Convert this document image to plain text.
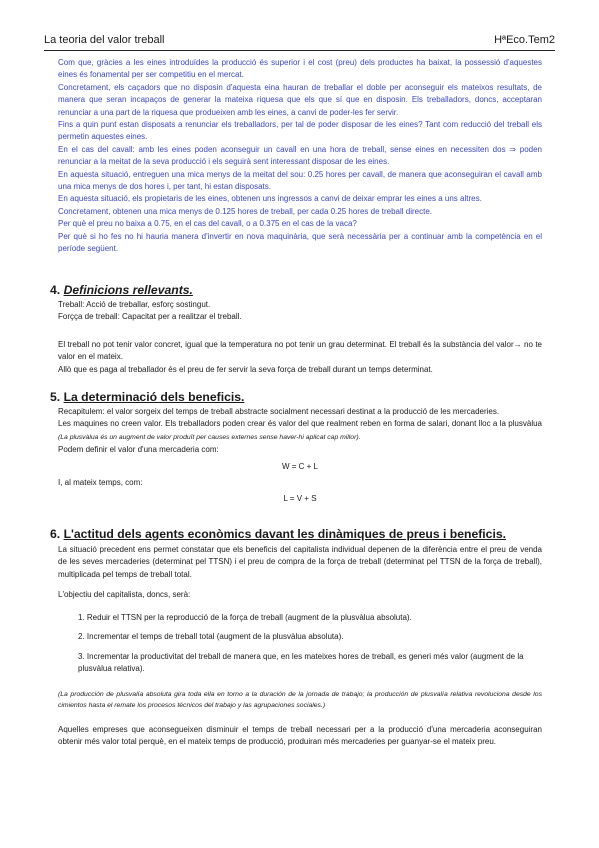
La teoria del valor treball	HªEco.Tem2

Com que, gràcies a les eines introduïdes la producció és superior i el cost (preu) dels productes ha baixat, la possessió d'aquestes eines és fonamental per ser competitiu en el mercat.

Concretament, els caçadors que no disposin d'aquesta eina hauran de treballar el doble per aconseguir els mateixos resultats, de manera que seran incapaços de generar la mateixa riquesa que els que sí que en disposin. Els treballadors, doncs, acceptaran renunciar a una part de la riquesa que produeixen amb les eines, a canvi de poder-les fer servir.

Fins a quin punt estan disposats a renunciar els treballadors, per tal de poder disposar de les eines? Tant com reducció del treball els permetin aquestes eines.

En el cas del cavall: amb les eines poden aconseguir un cavall en una hora de treball, sense eines en necessiten dos ⇒ poden renunciar a la meitat de la seva producció i els seguirà sent interessant disposar de les eines.

En aquesta situació, entreguen una mica menys de la meitat del sou: 0.25 hores per cavall, de manera que aconseguiran el cavall amb una mica menys de dos hores i, per tant, hi estan disposats.

En aquesta situació, els propietaris de les eines, obtenen uns ingressos a canvi de deixar emprar les eines a uns altres.

Concretament, obtenen una mica menys de 0.125 hores de treball, per cada 0.25 hores de treball directe.

Per què el preu no baixa a 0.75, en el cas del cavall, o a 0.375 en el cas de la vaca?

Per què si ho fes no hi hauria manera d'invertir en nova maquinària, que serà necessària per a continuar amb la competència en el període següent.

4. Definicions rellevants.

Treball: Acció de treballar, esforç sostingut.

Forçça de treball: Capacitat per a realitzar el treball.

El treball no pot tenir valor concret, igual que la temperatura no pot tenir un grau determinat. El treball és la substància del valor→ no te valor en el mateix.

Allò que es paga al treballador és el preu de fer servir la seva força de treball durant un temps determinat.

5. La determinació dels beneficis.

Recapitulem: el valor sorgeix del temps de treball abstracte socialment necessari destinat a la producció de les mercaderies.

Les maquines no creen valor. Els treballadors poden crear és valor del que realment reben en forma de salari, donant lloc a la plusvàlua (La plusvàlua és un augment de valor produït per causes externes sense haver-hi aplicat cap millor).

Podem definir el valor d'una mercaderia com:

W = C + L

I, al mateix temps, com:

L = V + S

6. L'actitud dels agents econòmics davant les dinàmiques de preus i beneficis.

La situació precedent ens permet constatar que els beneficis del capitalista individual depenen de la diferència entre el preu de venda de les seves mercaderies (determinat pel TTSN) i el preu de compra de la força de treball (determinat pel TTSN de la força de treball), multiplicada pel temps de treball total.

L'objectiu del capitalista, doncs, serà:

1. Reduir el TTSN per la reproducció de la força de treball (augment de la plusvàlua absoluta).

2. Incrementar el temps de treball total (augment de la plusvàlua absoluta).

3. Incrementar la productivitat del treball de manera que, en les mateixes hores de treball, es generi més valor (augment de la plusvàlua relativa).

(La producción de plusvalía absoluta gira toda ella en torno a la duración de la jornada de trabajo; la producción de plusvalía relativa revoluciona desde los cimientos hasta el remate los procesos técnicos del trabajo y las agrupaciones sociales.)

Aquelles empreses que aconsegueixen disminuir el temps de treball necessari per a la producció d'una mercaderia aconseguiran obtenir més valor total perquè, en el mateix temps de producció, produiran més mercaderies per guanyar-se el mateix preu.
